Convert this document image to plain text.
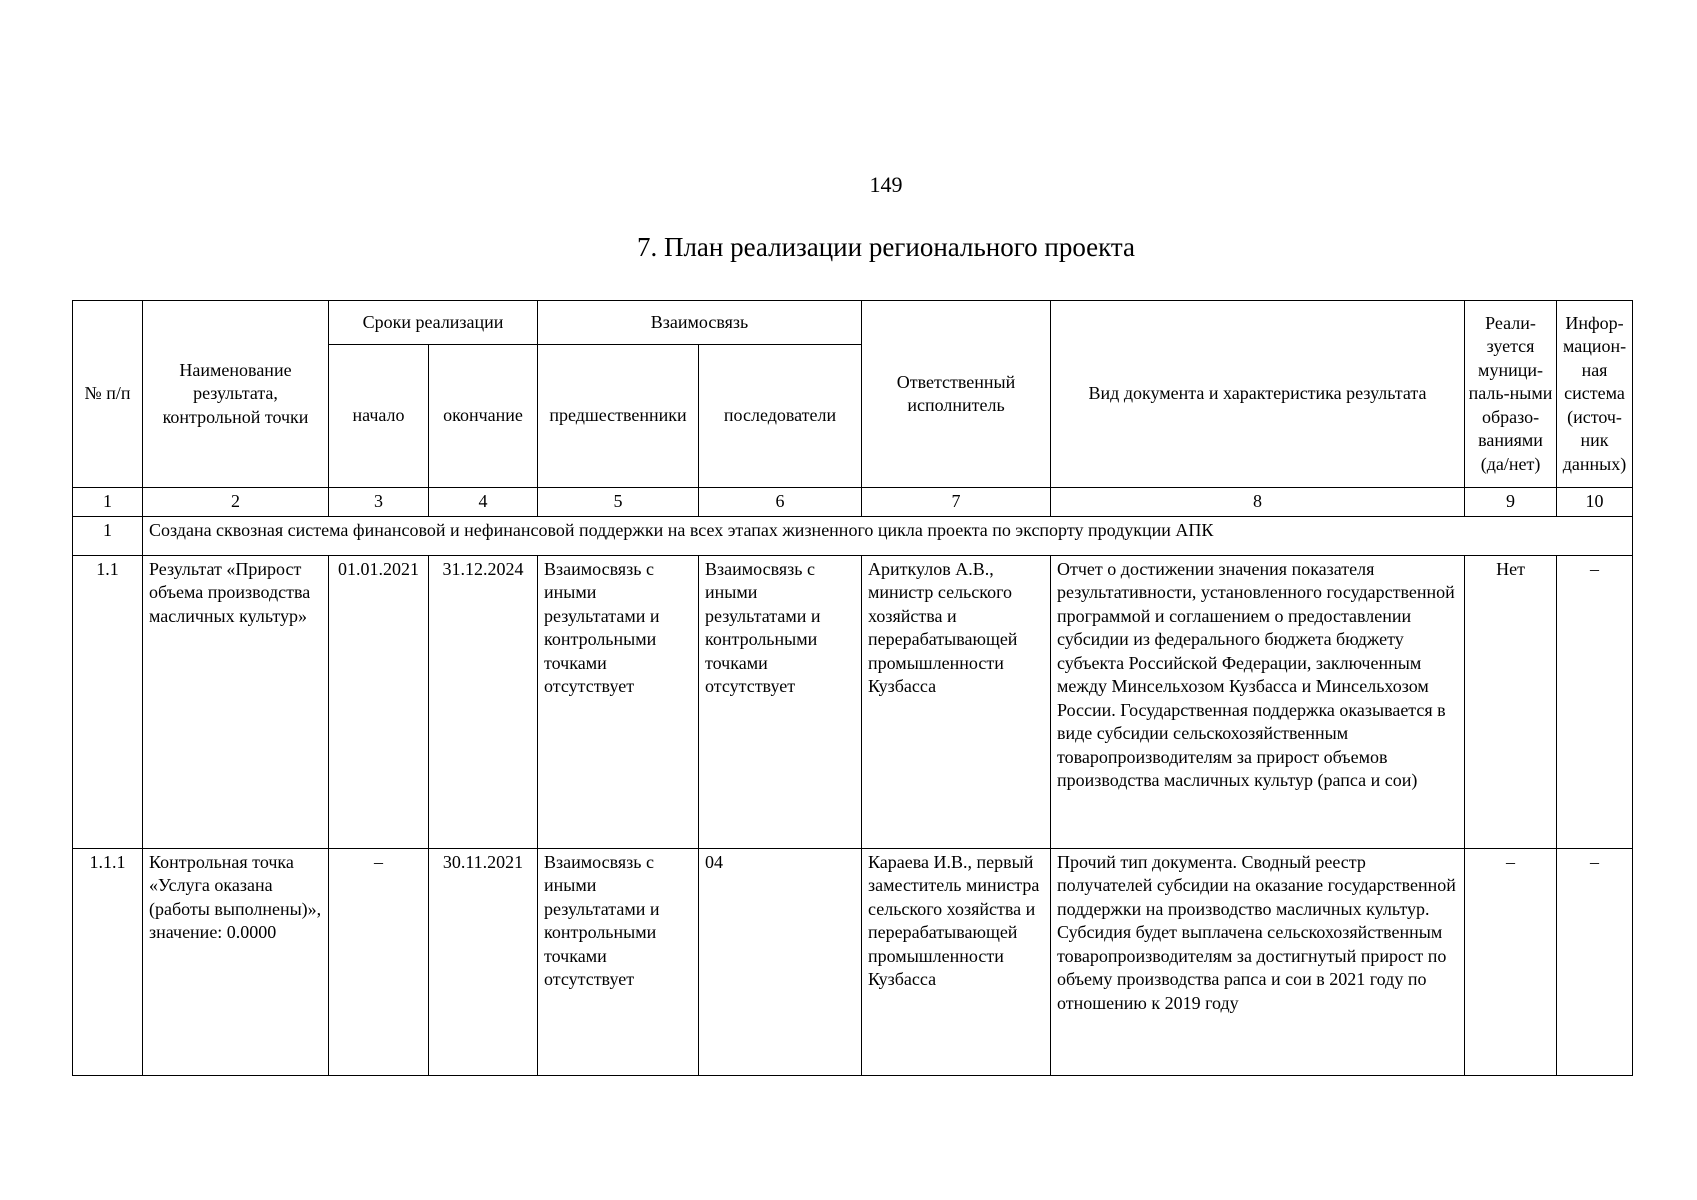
149
7. План реализации регионального проекта
№ п/п	Наименование результата, контрольной точки	Сроки реализации		Взаимосвязь		Ответственный исполнитель	Вид документа и характеристика результата	Реали-зуется муници-паль-ными образо-ваниями (да/нет)	Инфор-мацион-ная система (источ-ник данных)
		начало	окончание	предшественники	последователи				
1	2	3	4	5	6	7	8	9	10
1	Создана сквозная система финансовой и нефинансовой поддержки на всех этапах жизненного цикла проекта по экспорту продукции АПК								
1.1	Результат «Прирост объема производства масличных культур»	01.01.2021	31.12.2024	Взаимосвязь с иными результатами и контрольными точками отсутствует	Взаимосвязь с иными результатами и контрольными точками отсутствует	Ариткулов А.В., министр сельского хозяйства и перерабатывающей промышленности Кузбасса	Отчет о достижении значения показателя результативности, установленного государственной программой и соглашением о предоставлении субсидии из федерального бюджета бюджету субъекта Российской Федерации, заключенным между Минсельхозом Кузбасса и Минсельхозом России. Государственная поддержка оказывается в виде субсидии сельскохозяйственным товаропроизводителям за прирост объемов производства масличных культур (рапса и сои)	Нет	–
1.1.1	Контрольная точка «Услуга оказана (работы выполнены)», значение: 0.0000	–	30.11.2021	Взаимосвязь с иными результатами и контрольными точками отсутствует	04	Караева И.В., первый заместитель министра сельского хозяйства и перерабатывающей промышленности Кузбасса	Прочий тип документа. Сводный реестр получателей субсидии на оказание государственной поддержки на производство масличных культур. Субсидия будет выплачена сельскохозяйственным товаропроизводителям за достигнутый прирост по объему производства рапса и сои в 2021 году по отношению к 2019 году	–	–
